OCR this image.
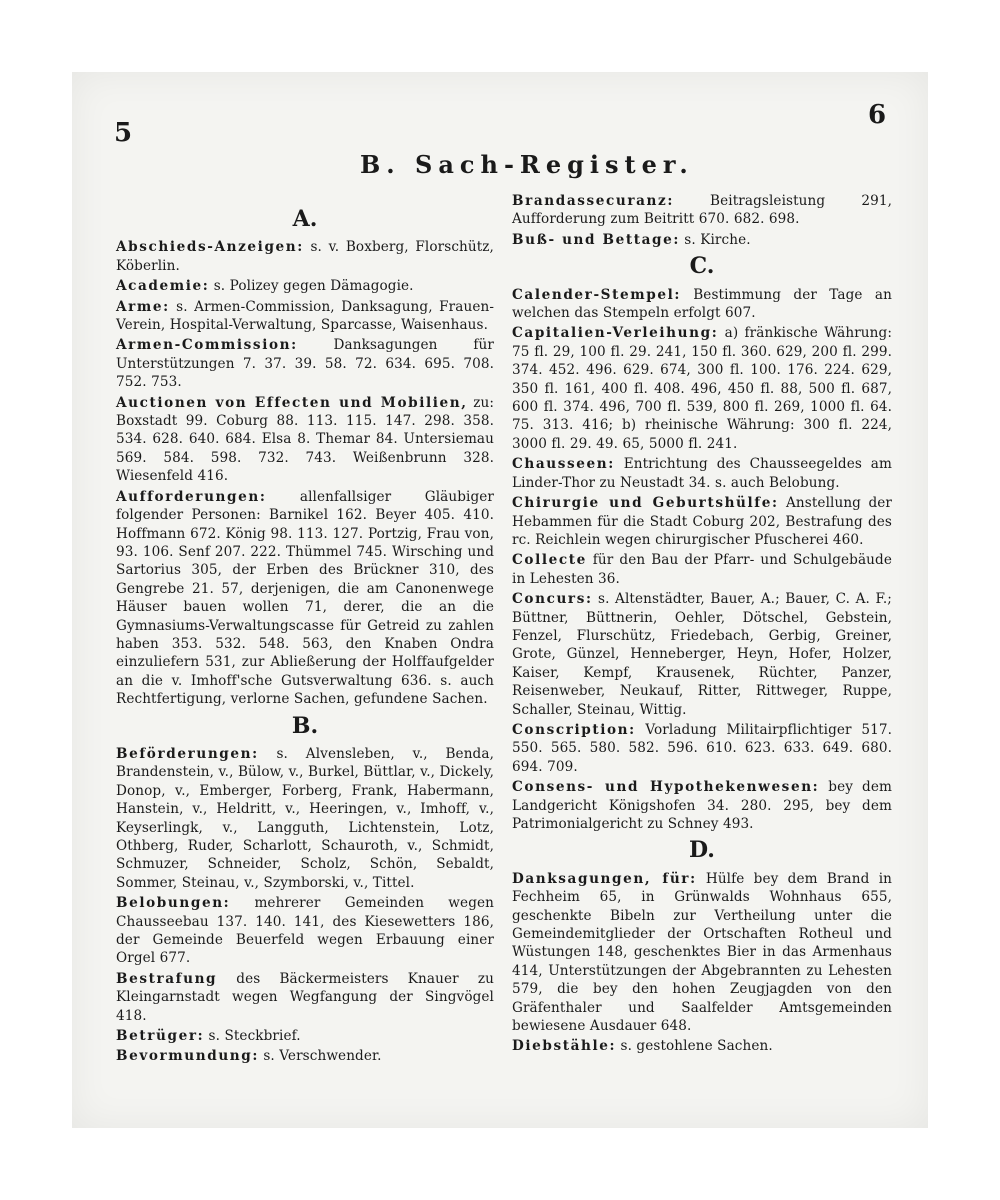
5
6
B. Sach-Register.
A.

Abschieds-Anzeigen: s. v. Boxberg, Florschütz, Köberlin.

Academie: s. Polizey gegen Dämagogie.

Arme: s. Armen-Commission, Danksagung, Frauen-Verein, Hospital-Verwaltung, Sparcasse, Waisenhaus.

Armen-Commission:	Danksagungen für Unterstützungen 7. 37. 39. 58. 72. 634. 695. 708. 752. 753.

Auctionen von Effecten und Mobilien, zu: Boxstadt 99. Coburg 88. 113. 115. 147. 298. 358. 534. 628. 640. 684. Elsa 8. Themar 84. Untersiemau 569. 584. 598. 732. 743. Weißenbrunn 328. Wiesenfeld 416.

Aufforderungen: allenfallsiger Gläubiger folgender Personen: Barnikel 162. Beyer 405. 410. Hoffmann 672. König 98. 113. 127. Portzig, Frau von, 93. 106. Senf 207. 222. Thümmel 745. Wirsching und Sartorius 305, der Erben des Brückner 310, des Gengrebe 21. 57, derjenigen, die am Canonenwege Häuser bauen wollen 71, derer, die an die Gymnasiums-Verwaltungscasse für Getreid zu zahlen haben 353. 532. 548. 563, den Knaben Ondra einzuliefern 531, zur Abließerung der Holffaufgelder an die v. Imhoff'sche Gutsverwaltung 636. s. auch Rechtfertigung, verlorne Sachen, gefundene Sachen.

B.

Beförderungen: s. Alvensleben, v., Benda, Brandenstein, v., Bülow, v., Burkel, Büttlar, v., Dickely, Donop, v., Emberger, Forberg, Frank, Habermann, Hanstein, v., Heldritt, v., Heeringen, v., Imhoff, v., Keyserlingk, v., Langguth, Lichtenstein, Lotz, Othberg, Ruder, Scharlott, Schauroth, v., Schmidt, Schmuzer, Schneider, Scholz, Schön, Sebaldt, Sommer, Steinau, v., Szymborski, v., Tittel.

Belobungen: mehrerer Gemeinden wegen Chausseebau 137. 140. 141, des Kiesewetters 186, der Gemeinde Beuerfeld wegen Erbauung einer Orgel 677.

Bestrafung des Bäckermeisters Knauer zu Kleingarnstadt wegen Wegfangung der Singvögel 418.

Betrüger: s. Steckbrief.

Bevormundung: s. Verschwender.

Brandassecuranz:	Beitragsleistung 291, Aufforderung zum Beitritt 670. 682. 698.

Buß- und Bettage: s. Kirche.

C.

Calender-Stempel: Bestimmung der Tage an welchen das Stempeln erfolgt 607.

Capitalien-Verleihung: a) fränkische Währung: 75 fl. 29, 100 fl. 29. 241, 150 fl. 360. 629, 200 fl. 299. 374. 452. 496. 629. 674, 300 fl. 100. 176. 224. 629, 350 fl. 161, 400 fl. 408. 496, 450 fl. 88, 500 fl. 687, 600 fl. 374. 496, 700 fl. 539, 800 fl. 269, 1000 fl. 64. 75. 313. 416; b) rheinische Währung: 300 fl. 224, 3000 fl. 29. 49. 65, 5000 fl. 241.

Chausseen: Entrichtung des Chausseegeldes am Linder-Thor zu Neustadt 34. s. auch Belobung.

Chirurgie und Geburtshülfe: Anstellung der Hebammen für die Stadt Coburg 202, Bestrafung des rc. Reichlein wegen chirurgischer Pfuscherei 460.

Collecte für den Bau der Pfarr- und Schulgebäude in Lehesten 36.

Concurs: s. Altenstädter, Bauer, A.; Bauer, C. A. F.; Büttner, Büttnerin, Oehler, Dötschel, Gebstein, Fenzel, Flurschütz, Friedebach, Gerbig, Greiner, Grote, Günzel, Henneberger, Heyn, Hofer, Holzer, Kaiser, Kempf, Krausenek, Rüchter, Panzer, Reisenweber, Neukauf, Ritter, Rittweger, Ruppe, Schaller, Steinau, Wittig.

Conscription: Vorladung Militairpflichtiger 517. 550. 565. 580. 582. 596. 610. 623. 633. 649. 680. 694. 709.

Consens- und Hypothekenwesen: bey dem Landgericht Königshofen 34. 280. 295, bey dem Patrimonialgericht zu Schney 493.

D.

Danksagungen, für: Hülfe bey dem Brand in Fechheim 65, in Grünwalds Wohnhaus 655, geschenkte Bibeln zur Vertheilung unter die Gemeindemitglieder der Ortschaften Rotheul und Wüstungen 148, geschenktes Bier in das Armenhaus 414, Unterstützungen der Abgebrannten zu Lehesten 579, die bey den hohen Zeugjagden von den Gräfenthaler und Saalfelder Amtsgemeinden bewiesene Ausdauer 648.

Diebstähle: s. gestohlene Sachen.
